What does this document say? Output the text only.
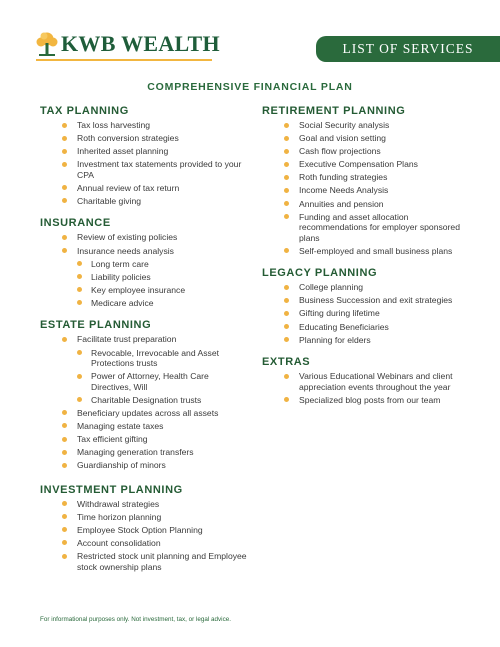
KWB WEALTH	LIST OF SERVICES
COMPREHENSIVE FINANCIAL PLAN
TAX PLANNING
Tax loss harvesting
Roth conversion strategies
Inherited asset planning
Investment tax statements provided to your CPA
Annual review of tax return
Charitable giving
INSURANCE
Review of existing policies
Insurance needs analysis
Long term care
Liability policies
Key employee insurance
Medicare advice
ESTATE PLANNING
Facilitate trust preparation
Revocable, Irrevocable and Asset Protections trusts
Power of Attorney, Health Care Directives, Will
Charitable Designation trusts
Beneficiary updates across all assets
Managing estate taxes
Tax efficient gifting
Managing generation transfers
Guardianship of minors
INVESTMENT PLANNING
Withdrawal strategies
Time horizon planning
Employee Stock Option Planning
Account consolidation
Restricted stock unit planning and Employee stock ownership plans
RETIREMENT PLANNING
Social Security analysis
Goal and vision setting
Cash flow projections
Executive Compensation Plans
Roth funding strategies
Income Needs Analysis
Annuities and pension
Funding and asset allocation recommendations for employer sponsored plans
Self-employed and small business plans
LEGACY PLANNING
College planning
Business Succession and exit strategies
Gifting during lifetime
Educating Beneficiaries
Planning for elders
EXTRAS
Various Educational Webinars and client appreciation events throughout the year
Specialized blog posts from our team
For informational purposes only. Not investment, tax, or legal advice.
